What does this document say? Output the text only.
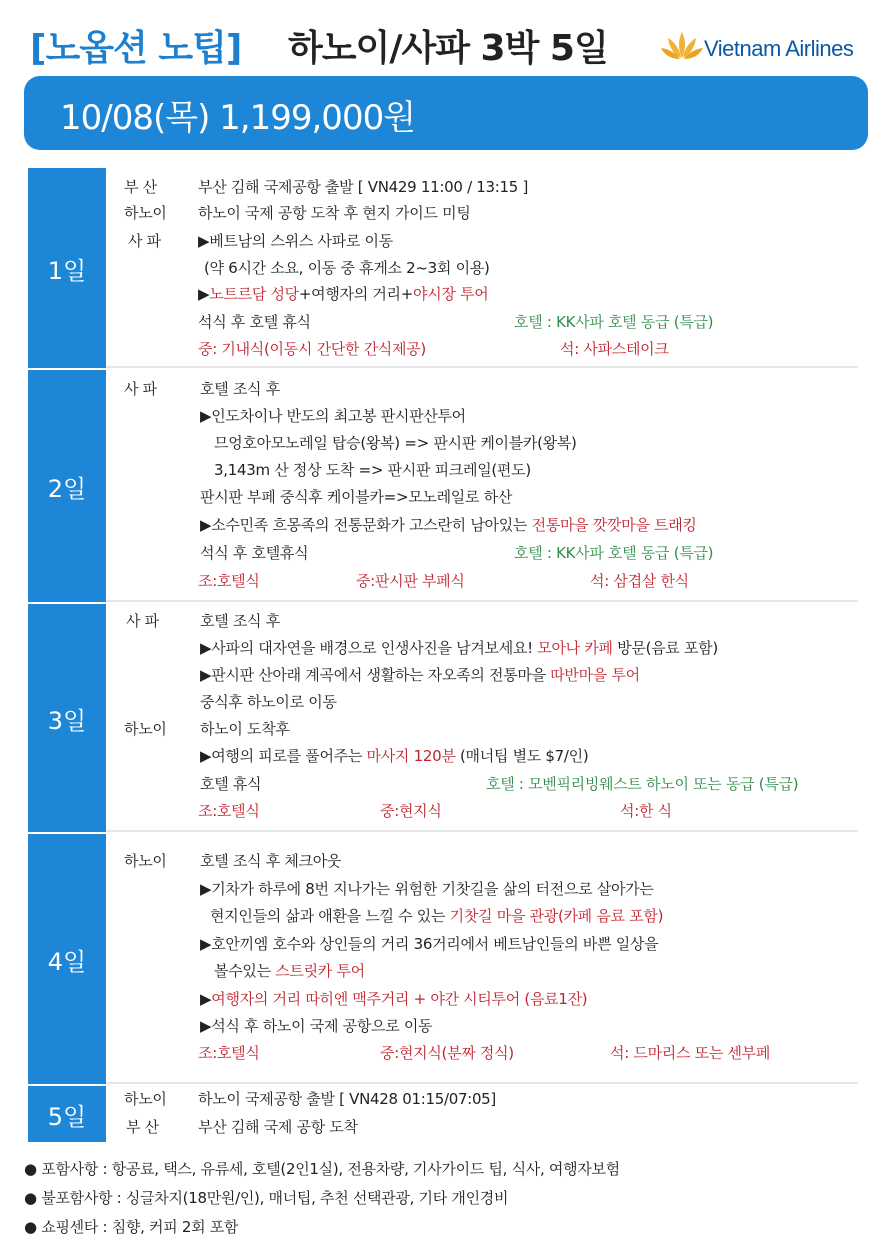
[노옵션 노팁] 하노이/사파 3박 5일	Vietnam Airlines
10/08(목) 1,199,000원
1일
부 산	부산 김해 국제공항 출발 [ VN429 11:00 / 13:15 ]
하노이 하노이 국제 공항 도착 후 현지 가이드 미팅
사 파 ▶베트남의 스위스 사파로 이동
(약 6시간 소요, 이동 중 휴게소 2~3회 이용)
▶노트르담 성당+여행자의 거리+야시장 투어
석식 후 호텔 휴식	호텔 : KK사파 호텔 동급 (특급)
중: 기내식(이동시 간단한 간식제공)	석: 사파스테이크
2일
사 파	호텔 조식 후
▶인도차이나 반도의 최고봉 판시판산투어
므엉호아모노레일 탑승(왕복) => 판시판 케이블카(왕복)
3,143m 산 정상 도착 => 판시판 피크레일(편도)
판시판 부페 중식후 케이블카=>모노레일로 하산
▶소수민족 흐몽족의 전통문화가 고스란히 남아있는 전통마을 깟깟마을 트래킹
석식 후 호텔휴식	호텔 : KK사파 호텔 동급 (특급)
조:호텔식	중:판시판 부페식	석: 삼겹살 한식
3일
사 파	호텔 조식 후
▶사파의 대자연을 배경으로 인생사진을 남겨보세요! 모아나 카페 방문(음료 포함)
▶판시판 산아래 계곡에서 생활하는 자오족의 전통마을 따반마을 투어
중식후 하노이로 이동
하노이 하노이 도착후
▶여행의 피로를 풀어주는 마사지 120분 (매너팁 별도 $7/인)
호텔 휴식	호텔 : 모벤픽리빙웨스트 하노이 또는 동급 (특급)
조:호텔식	중:현지식	석:한 식
4일
하노이 호텔 조식 후 체크아웃
▶기차가 하루에 8번 지나가는 위험한 기찻길을 삶의 터전으로 살아가는
현지인들의 삶과 애환을 느낄 수 있는 기찻길 마을 관광(카페 음료 포함)
▶호안끼엠 호수와 상인들의 거리 36거리에서 베트남인들의 바쁜 일상을
볼수있는 스트릿카 투어
▶여행자의 거리 따히엔 맥주거리 + 야간 시티투어 (음료1잔)
▶석식 후 하노이 국제 공항으로 이동
조:호텔식	중:현지식(분짜 정식)	석: 드마리스 또는 센부페
5일
하노이 하노이 국제공항 출발 [ VN428 01:15/07:05]
부 산	부산 김해 국제 공항 도착
● 포함사항 : 항공료, 택스, 유류세, 호텔(2인1실), 전용차량, 기사가이드 팁, 식사, 여행자보험
● 불포함사항 : 싱글차지(18만원/인), 매너팁, 추천 선택관광, 기타 개인경비
● 쇼핑센타 : 침향, 커피 2회 포함
